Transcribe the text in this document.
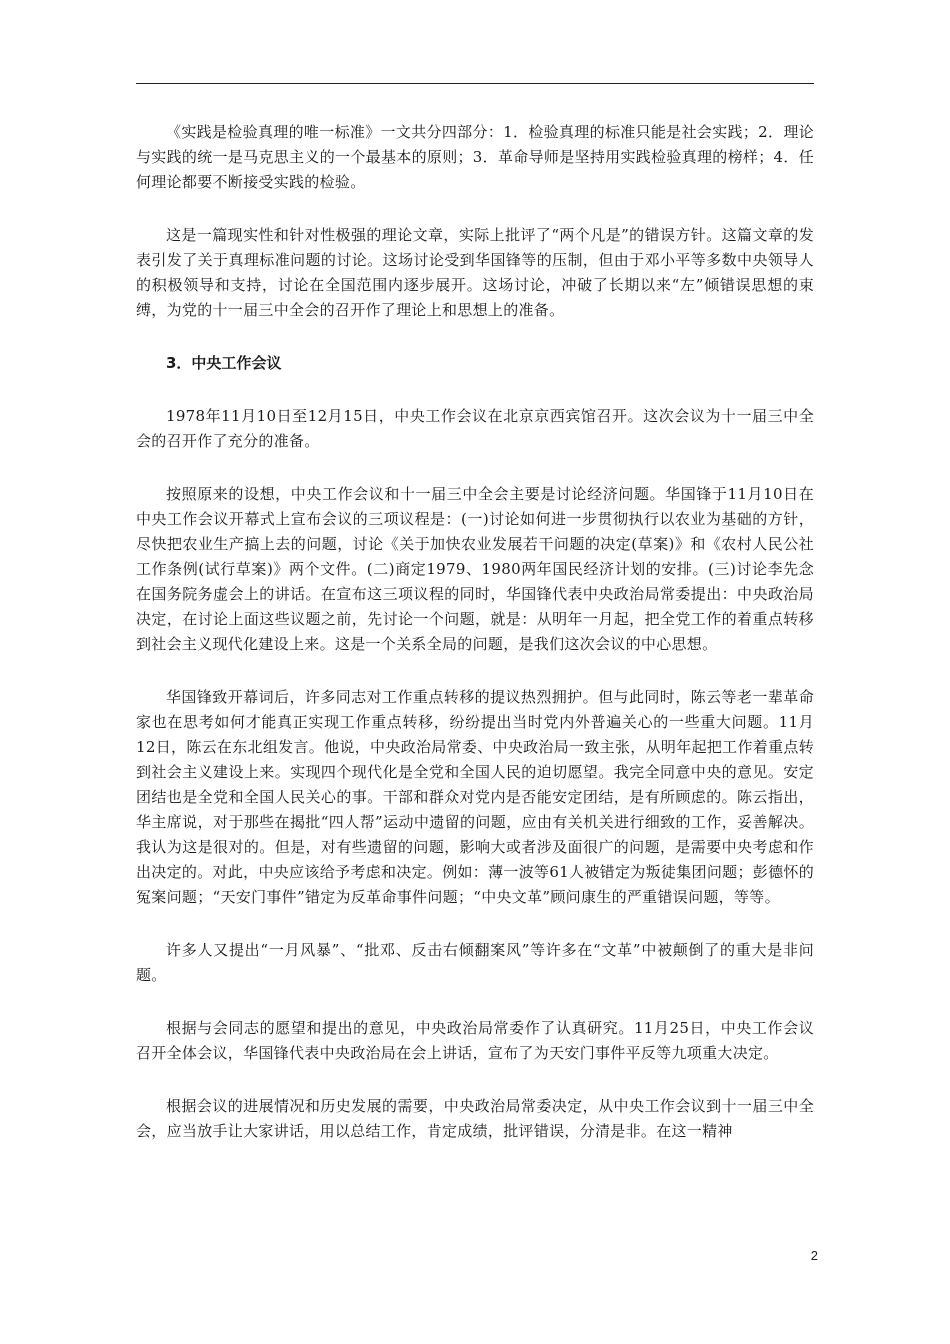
《实践是检验真理的唯一标准》一文共分四部分：1．检验真理的标准只能是社会实践；2．理论与实践的统一是马克思主义的一个最基本的原则；3．革命导师是坚持用实践检验真理的榜样；4．任何理论都要不断接受实践的检验。

这是一篇现实性和针对性极强的理论文章，实际上批评了“两个凡是”的错误方针。这篇文章的发表引发了关于真理标准问题的讨论。这场讨论受到华国锋等的压制，但由于邓小平等多数中央领导人的积极领导和支持，讨论在全国范围内逐步展开。这场讨论，冲破了长期以来“左”倾错误思想的束缚，为党的十一届三中全会的召开作了理论上和思想上的准备。

3．中央工作会议

1978年11月10日至12月15日，中央工作会议在北京京西宾馆召开。这次会议为十一届三中全会的召开作了充分的准备。

按照原来的设想，中央工作会议和十一届三中全会主要是讨论经济问题。华国锋于11月10日在中央工作会议开幕式上宣布会议的三项议程是：(一)讨论如何进一步贯彻执行以农业为基础的方针，尽快把农业生产搞上去的问题，讨论《关于加快农业发展若干问题的决定(草案)》和《农村人民公社工作条例(试行草案)》两个文件。(二)商定1979、1980两年国民经济计划的安排。(三)讨论李先念在国务院务虚会上的讲话。在宣布这三项议程的同时，华国锋代表中央政治局常委提出：中央政治局决定，在讨论上面这些议题之前，先讨论一个问题，就是：从明年一月起，把全党工作的着重点转移到社会主义现代化建设上来。这是一个关系全局的问题，是我们这次会议的中心思想。

华国锋致开幕词后，许多同志对工作重点转移的提议热烈拥护。但与此同时，陈云等老一辈革命家也在思考如何才能真正实现工作重点转移，纷纷提出当时党内外普遍关心的一些重大问题。11月12日，陈云在东北组发言。他说，中央政治局常委、中央政治局一致主张，从明年起把工作着重点转到社会主义建设上来。实现四个现代化是全党和全国人民的迫切愿望。我完全同意中央的意见。安定团结也是全党和全国人民关心的事。干部和群众对党内是否能安定团结，是有所顾虑的。陈云指出，华主席说，对于那些在揭批“四人帮”运动中遗留的问题，应由有关机关进行细致的工作，妥善解决。我认为这是很对的。但是，对有些遗留的问题，影响大或者涉及面很广的问题，是需要中央考虑和作出决定的。对此，中央应该给予考虑和决定。例如：薄一波等61人被错定为叛徒集团问题；彭德怀的冤案问题；“天安门事件”错定为反革命事件问题；“中央文革”顾问康生的严重错误问题，等等。

许多人又提出“一月风暴”、“批邓、反击右倾翻案风”等许多在“文革”中被颠倒了的重大是非问题。

根据与会同志的愿望和提出的意见，中央政治局常委作了认真研究。11月25日，中央工作会议召开全体会议，华国锋代表中央政治局在会上讲话，宣布了为天安门事件平反等九项重大决定。

根据会议的进展情况和历史发展的需要，中央政治局常委决定，从中央工作会议到十一届三中全会，应当放手让大家讲话，用以总结工作，肯定成绩，批评错误，分清是非。在这一精神

2
